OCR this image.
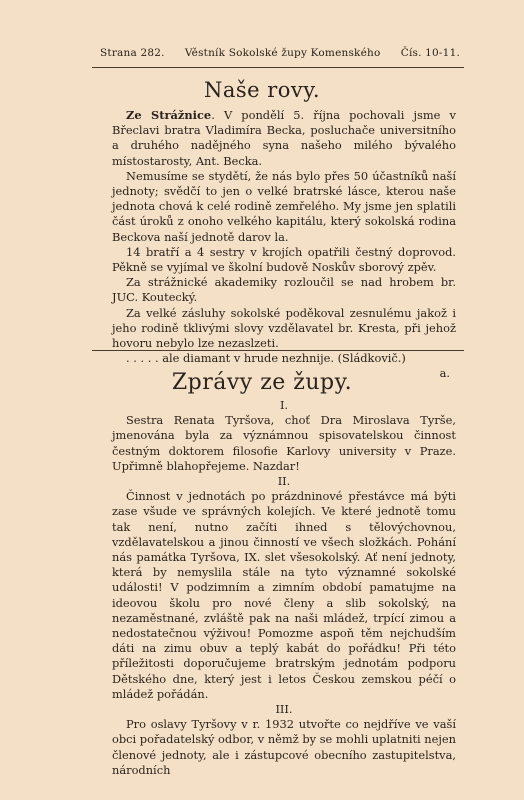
Strana 282. Věstník Sokolské župy Komenského Čís. 10-11.
Naše rovy.

Ze Strážnice. V pondělí 5. října pochovali jsme v Břeclavi bratra Vladimíra Becka, posluchače universitního a druhého nadějného syna našeho milého bývalého místostarosty, Ant. Becka.

Nemusíme se stydětí, že nás bylo přes 50 účastníků naší jednoty; svědčí to jen o velké bratrské lásce, kterou naše jednota chová k celé rodině zemřelého. My jsme jen splatili část úroků z onoho velkého kapitálu, který sokolská rodina Beckova naší jednotě darov la.

14 bratří a 4 sestry v krojích opatřili čestný doprovod. Pěkně se vyjímal ve školní budově Noskův sborový zpěv.

Za strážnické akademiky rozloučil se nad hrobem br. JUC. Koutecký.

Za velké zásluhy sokolské poděkoval zesnulému jakož i jeho rodině tklivými slovy vzdělavatel br. Kresta, při jehož hovoru nebylo lze nezaslzeti.

. . . . . ale diamant v hrude nezhnije. (Sládkovič.)

a.

Zprávy ze župy.

I.

Sestra Renata Tyršova, choť Dra Miroslava Tyrše, jmenována byla za význámnou spisovatelskou činnost čestným doktorem filosofie Karlovy university v Praze. Upřimně blahopřejeme. Nazdar!

II.

Činnost v jednotách po prázdninové přestávce má býti zase všude ve správných kolejích. Ve které jednotě tomu tak není, nutno začíti ihned s tělovýchovnou, vzdělavatelskou a jinou činností ve všech složkách. Pohání nás památka Tyršova, IX. slet všesokolský. Ať není jednoty, která by nemyslila stále na tyto významné sokolské události! V podzimním a zimním období pamatujme na ideovou školu pro nové členy a slib sokolský, na nezaměstnané, zvláště pak na naši mládež, trpící zimou a nedostatečnou výživou! Pomozme aspoň těm nejchudším dáti na zimu obuv a teplý kabát do pořádku! Při této příležitosti doporučujeme bratrským jednotám podporu Dětského dne, který jest i letos Českou zemskou péčí o mládež pořádán.

III.

Pro oslavy Tyršovy v r. 1932 utvořte co nejdříve ve vaší obci pořadatelský odbor, v němž by se mohli uplatniti nejen členové jednoty, ale i zástupcové obecního zastupitelstva, národních
